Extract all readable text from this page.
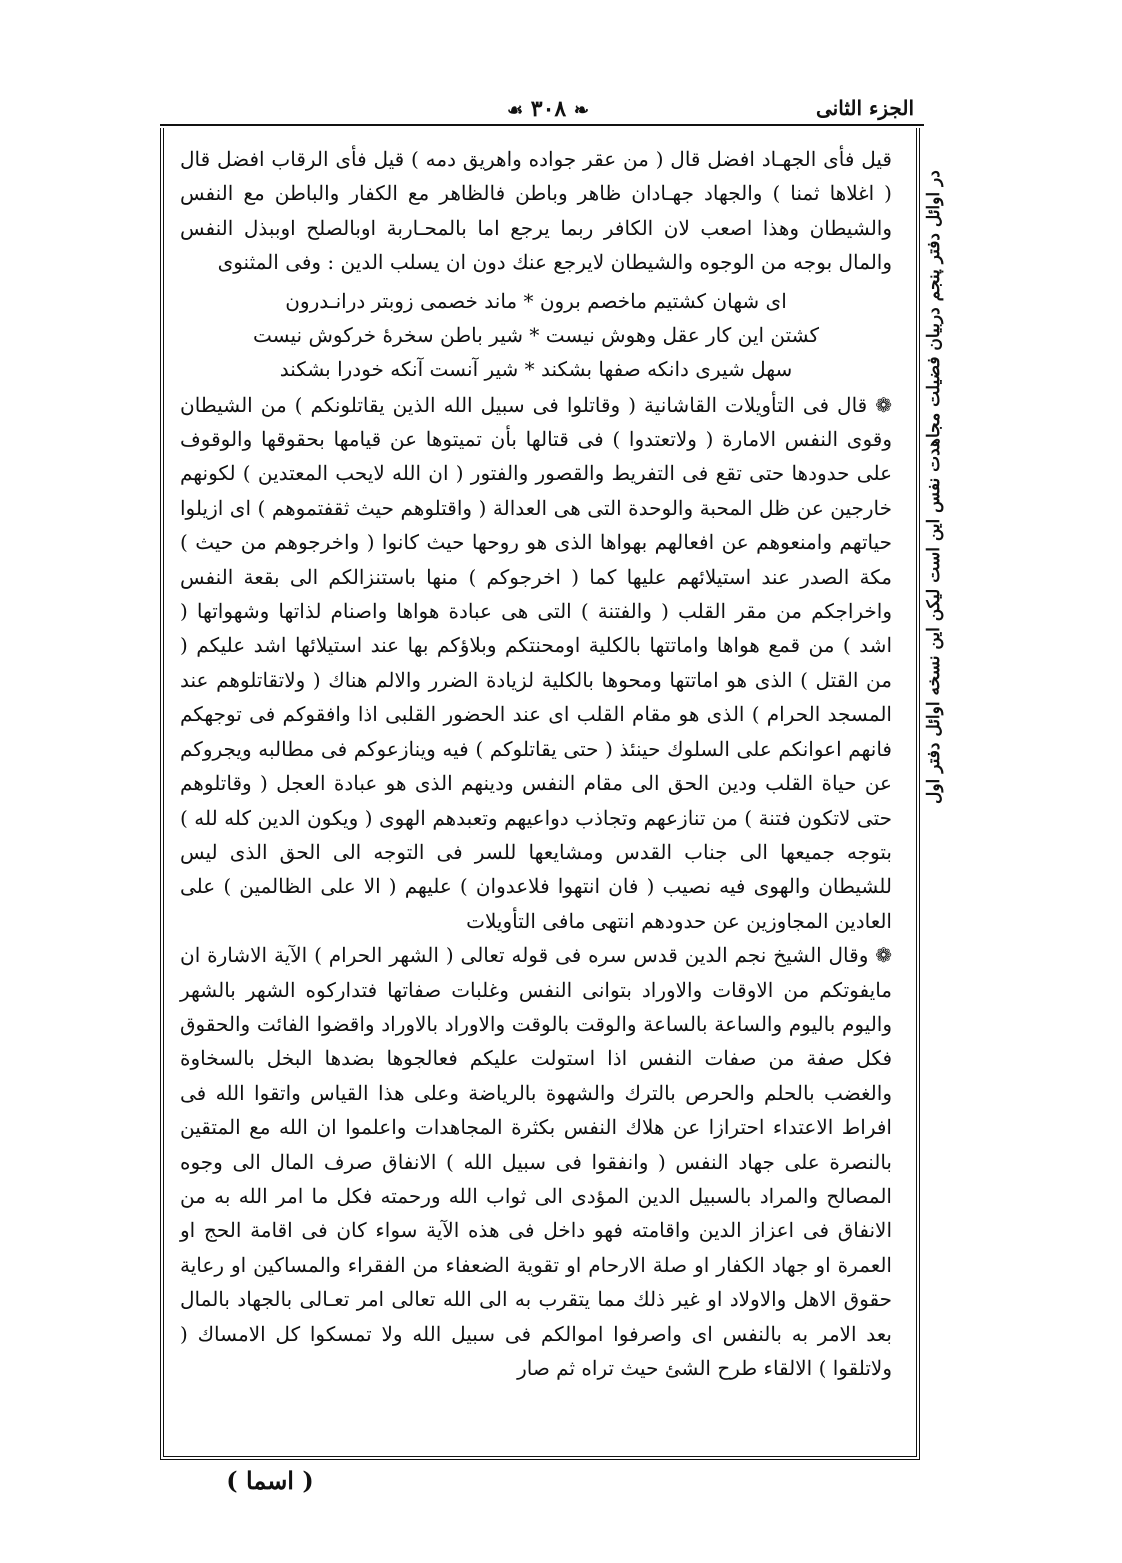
الجزء الثانى
❧ ٣٠٨ ☙
در اوائل دفتر پنجم دربيان فضيلت مجاهدت نفس اين است ليكن اين نسخه اوائل دفتر اول

قيل فأى الجهـاد افضل قال ( من عقر جواده واهريق دمه ) قيل فأى الرقاب افضل قال ( اغلاها ثمنا ) والجهاد جهـادان ظاهر وباطن فالظاهر مع الكفار والباطن مع النفس والشيطان وهذا اصعب لان الكافر ربما يرجع اما بالمحـاربة اوبالصلح اوببذل النفس والمال بوجه من الوجوه والشيطان لايرجع عنك دون ان يسلب الدين : وفى المثنوى

اى شهان كشتيم ماخصم برون * ماند خصمى زوبتر درانـدرون
كشتن اين كار عقل وهوش نيست * شير باطن سخرهٔ خركوش نيست
سهل شيرى دانكه صفها بشكند * شير آنست آنكه خودرا بشكند

❁ قال فى التأويلات القاشانية ( وقاتلوا فى سبيل الله الذين يقاتلونكم ) من الشيطان وقوى النفس الامارة ( ولاتعتدوا ) فى قتالها بأن تميتوها عن قيامها بحقوقها والوقوف على حدودها حتى تقع فى التفريط والقصور والفتور ( ان الله لايحب المعتدين ) لكونهم خارجين عن ظل المحبة والوحدة التى هى العدالة ( واقتلوهم حيث ثقفتموهم ) اى ازيلوا حياتهم وامنعوهم عن افعالهم بهواها الذى هو روحها حيث كانوا ( واخرجوهم من حيث ) مكة الصدر عند استيلائهم عليها كما ( اخرجوكم ) منها باستنزالكم الى بقعة النفس واخراجكم من مقر القلب ( والفتنة ) التى هى عبادة هواها واصنام لذاتها وشهواتها ( اشد ) من قمع هواها واماتتها بالكلية اومحنتكم وبلاؤكم بها عند استيلائها اشد عليكم ( من القتل ) الذى هو اماتتها ومحوها بالكلية لزيادة الضرر والالم هناك ( ولاتقاتلوهم عند المسجد الحرام ) الذى هو مقام القلب اى عند الحضور القلبى اذا وافقوكم فى توجهكم فانهم اعوانكم على السلوك حينئذ ( حتى يقاتلوكم ) فيه وينازعوكم فى مطالبه ويجروكم عن حياة القلب ودين الحق الى مقام النفس ودينهم الذى هو عبادة العجل ( وقاتلوهم حتى لاتكون فتنة ) من تنازعهم وتجاذب دواعيهم وتعبدهم الهوى ( ويكون الدين كله لله ) بتوجه جميعها الى جناب القدس ومشايعها للسر فى التوجه الى الحق الذى ليس للشيطان والهوى فيه نصيب ( فان انتهوا فلاعدوان ) عليهم ( الا على الظالمين ) على العادين المجاوزين عن حدودهم انتهى مافى التأويلات

❁ وقال الشيخ نجم الدين قدس سره فى قوله تعالى ( الشهر الحرام ) الآية الاشارة ان مايفوتكم من الاوقات والاوراد بتوانى النفس وغلبات صفاتها فتداركوه الشهر بالشهر واليوم باليوم والساعة بالساعة والوقت بالوقت والاوراد بالاوراد واقضوا الفائت والحقوق فكل صفة من صفات النفس اذا استولت عليكم فعالجوها بضدها البخل بالسخاوة والغضب بالحلم والحرص بالترك والشهوة بالرياضة وعلى هذا القياس واتقوا الله فى افراط الاعتداء احترازا عن هلاك النفس بكثرة المجاهدات واعلموا ان الله مع المتقين بالنصرة على جهاد النفس ( وانفقوا فى سبيل الله ) الانفاق صرف المال الى وجوه المصالح والمراد بالسبيل الدين المؤدى الى ثواب الله ورحمته فكل ما امر الله به من الانفاق فى اعزاز الدين واقامته فهو داخل فى هذه الآية سواء كان فى اقامة الحج او العمرة او جهاد الكفار او صلة الارحام او تقوية الضعفاء من الفقراء والمساكين او رعاية حقوق الاهل والاولاد او غير ذلك مما يتقرب به الى الله تعالى امر تعـالى بالجهاد بالمال بعد الامر به بالنفس اى واصرفوا اموالكم فى سبيل الله ولا تمسكوا كل الامساك ( ولاتلقوا ) الالقاء طرح الشئ حيث تراه ثم صار

( اسما )
